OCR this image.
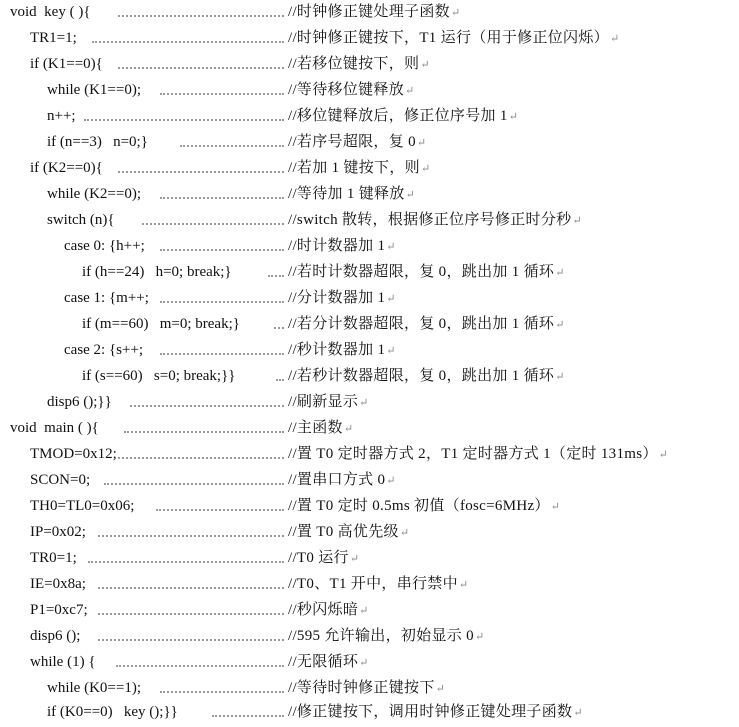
void  key ( ){	//时钟修正键处理子函数↵
TR1=1;	//时钟修正键按下，T1 运行（用于修正位闪烁）↵
if (K1==0){	//若移位键按下，则↵
while (K1==0);	//等待移位键释放↵
n++;	//移位键释放后，修正位序号加 1↵
if (n==3)   n=0;}	//若序号超限，复 0↵
if (K2==0){	//若加 1 键按下，则↵
while (K2==0);	//等待加 1 键释放↵
switch (n){	//switch 散转，根据修正位序号修正时分秒↵
case 0: {h++;	//时计数器加 1↵
if (h==24)   h=0; break;}	//若时计数器超限，复 0，跳出加 1 循环↵
case 1: {m++;	//分计数器加 1↵
if (m==60)   m=0; break;}	//若分计数器超限，复 0，跳出加 1 循环↵
case 2: {s++;	//秒计数器加 1↵
if (s==60)   s=0; break;}}	//若秒计数器超限，复 0，跳出加 1 循环↵
disp6 ();}}	//刷新显示↵
void  main ( ){	//主函数↵
TMOD=0x12;	//置 T0 定时器方式 2，T1 定时器方式 1（定时 131ms）↵
SCON=0;	//置串口方式 0↵
TH0=TL0=0x06;	//置 T0 定时 0.5ms 初值（fosc=6MHz）↵
IP=0x02;	//置 T0 高优先级↵
TR0=1;	//T0 运行↵
IE=0x8a;	//T0、T1 开中，串行禁中↵
P1=0xc7;	//秒闪烁暗↵
disp6 ();	//595 允许输出，初始显示 0↵
while (1) {	//无限循环↵
while (K0==1);	//等待时钟修正键按下↵
if (K0==0)   key ();}}	//修正键按下，调用时钟修正键处理子函数↵
